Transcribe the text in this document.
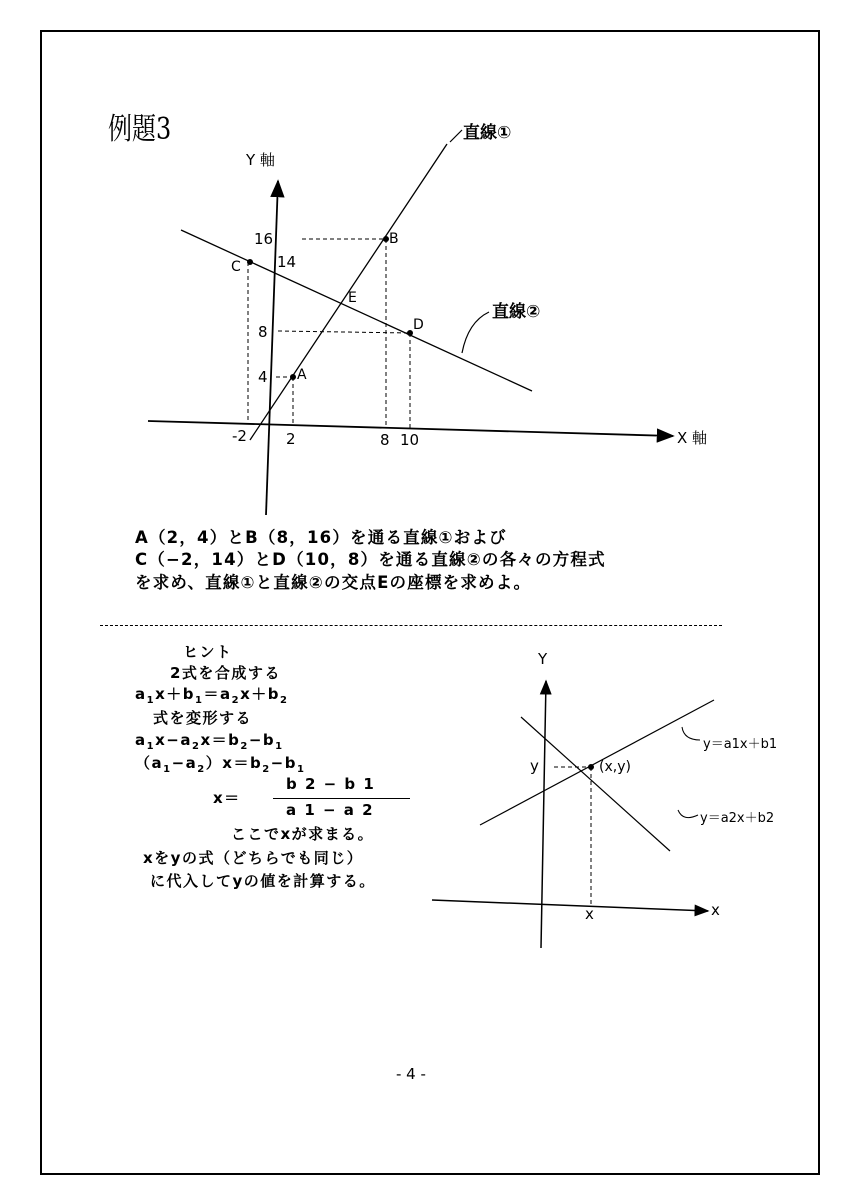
例題3
Y 軸
X 軸
直線①
直線②
16
14
8
4
-2	2	8 10
A
B
C
D
E
A（2，4）とB（8，16）を通る直線①および
C（−2，14）とD（10，8）を通る直線②の各々の方程式
を求め、直線①と直線②の交点Eの座標を求めよ。
ヒント
2式を合成する
$a_1x+b_1=a_2x+b_2$
式を変形する
$a_1x-a_2x=b_2-b_1$
$(a_1-a_2)x=b_2-b_1$
x＝
b 2 − b 1
a 1 − a 2
ここでxが求まる。
xをyの式（どちらでも同じ）
に代入してyの値を計算する。
Y
x
y
x
(x,y)
y＝a1x＋b1
y＝a2x＋b2
- 4 -
